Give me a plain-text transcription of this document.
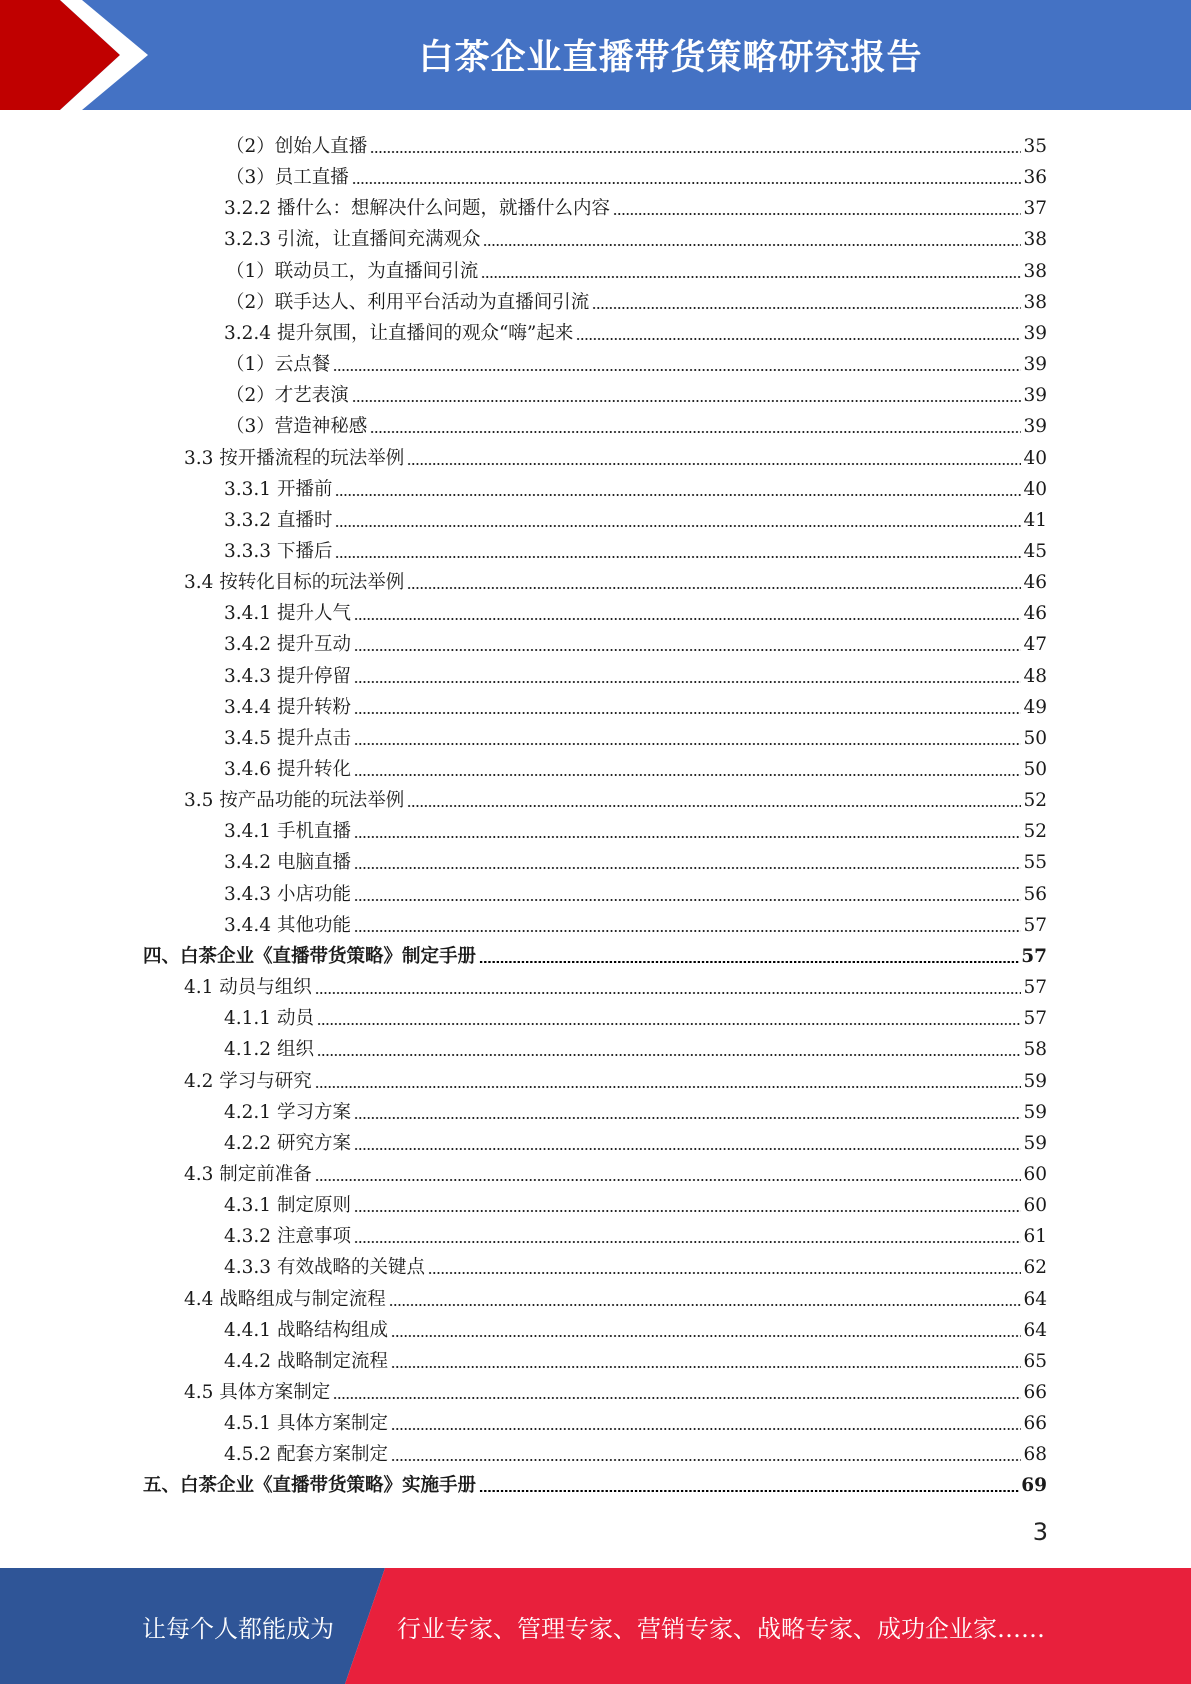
白茶企业直播带货策略研究报告
（2）创始人直播	35
（3）员工直播	36
3.2.2 播什么：想解决什么问题，就播什么内容	37
3.2.3 引流，让直播间充满观众	38
（1）联动员工，为直播间引流	38
（2）联手达人、利用平台活动为直播间引流	38
3.2.4 提升氛围，让直播间的观众“嗨”起来	39
（1）云点餐	39
（2）才艺表演	39
（3）营造神秘感	39
3.3 按开播流程的玩法举例	40
3.3.1 开播前	40
3.3.2 直播时	41
3.3.3 下播后	45
3.4 按转化目标的玩法举例	46
3.4.1 提升人气	46
3.4.2 提升互动	47
3.4.3 提升停留	48
3.4.4 提升转粉	49
3.4.5 提升点击	50
3.4.6 提升转化	50
3.5 按产品功能的玩法举例	52
3.4.1 手机直播	52
3.4.2 电脑直播	55
3.4.3 小店功能	56
3.4.4 其他功能	57
四、白茶企业《直播带货策略》制定手册	57
4.1 动员与组织	57
4.1.1 动员	57
4.1.2 组织	58
4.2 学习与研究	59
4.2.1 学习方案	59
4.2.2 研究方案	59
4.3 制定前准备	60
4.3.1 制定原则	60
4.3.2 注意事项	61
4.3.3 有效战略的关键点	62
4.4 战略组成与制定流程	64
4.4.1 战略结构组成	64
4.4.2 战略制定流程	65
4.5 具体方案制定	66
4.5.1 具体方案制定	66
4.5.2 配套方案制定	68
五、白茶企业《直播带货策略》实施手册	69
3
让每个人都能成为	行业专家、管理专家、营销专家、战略专家、成功企业家……
